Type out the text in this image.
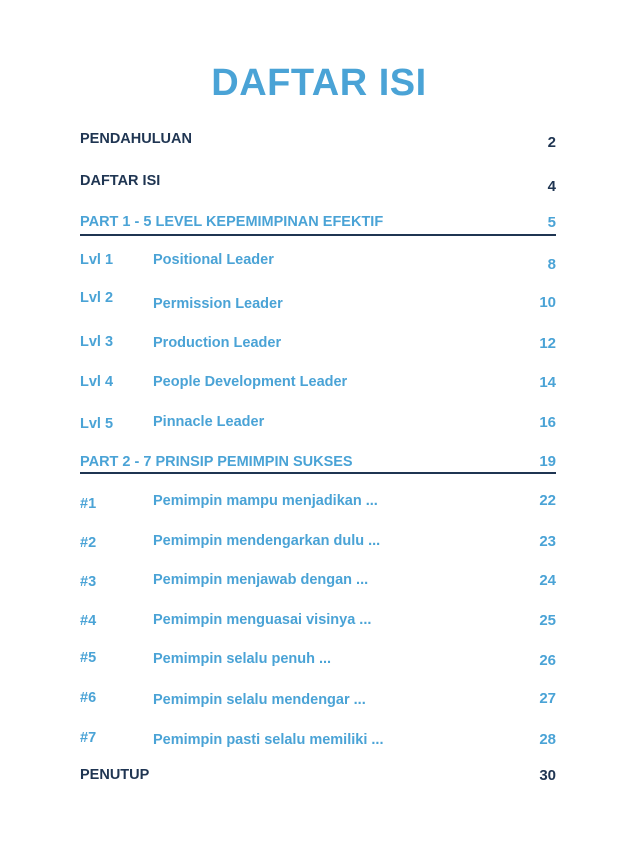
DAFTAR ISI
PENDAHULUAN	2
DAFTAR ISI	4
PART 1 - 5 LEVEL KEPEMIMPINAN EFEKTIF	5
Lvl 1	Positional Leader	8
Lvl 2	Permission Leader	10
Lvl 3	Production Leader	12
Lvl 4	People Development Leader	14
Lvl 5	Pinnacle Leader	16
PART 2 - 7 PRINSIP PEMIMPIN SUKSES	19
#1	Pemimpin mampu menjadikan ...	22
#2	Pemimpin mendengarkan dulu ...	23
#3	Pemimpin menjawab dengan ...	24
#4	Pemimpin menguasai visinya ...	25
#5	Pemimpin selalu penuh ...	26
#6	Pemimpin selalu mendengar ...	27
#7	Pemimpin pasti selalu memiliki ...	28
PENUTUP	30
